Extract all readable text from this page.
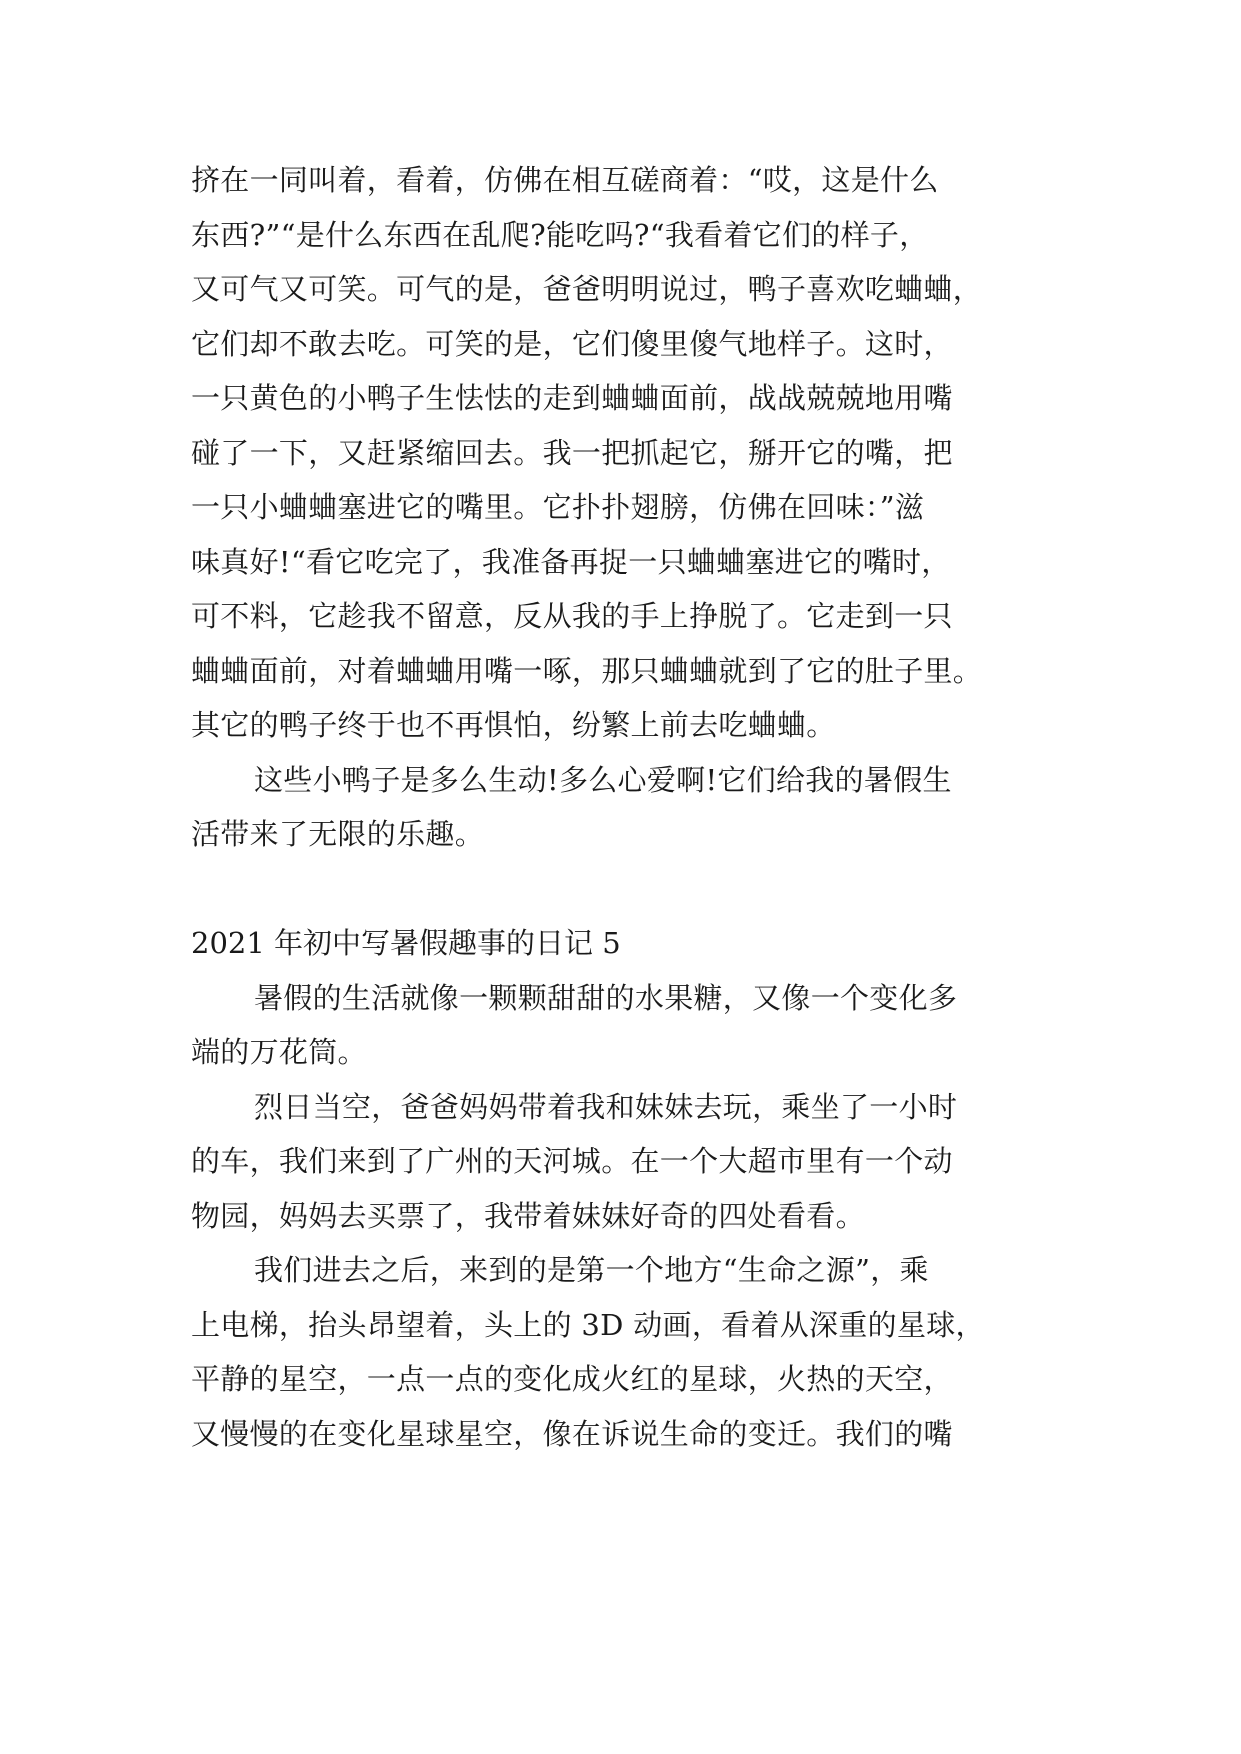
挤在一同叫着，看着，仿佛在相互磋商着：“哎，这是什么
东西?”“是什么东西在乱爬?能吃吗?“我看着它们的样子，
又可气又可笑。可气的是，爸爸明明说过，鸭子喜欢吃蛐蛐，
它们却不敢去吃。可笑的是，它们傻里傻气地样子。这时，
一只黄色的小鸭子生怯怯的走到蛐蛐面前，战战兢兢地用嘴
碰了一下，又赶紧缩回去。我一把抓起它，掰开它的嘴，把
一只小蛐蛐塞进它的嘴里。它扑扑翅膀，仿佛在回味：”滋
味真好!“看它吃完了，我准备再捉一只蛐蛐塞进它的嘴时，
可不料，它趁我不留意，反从我的手上挣脱了。它走到一只
蛐蛐面前，对着蛐蛐用嘴一啄，那只蛐蛐就到了它的肚子里。
其它的鸭子终于也不再惧怕，纷繁上前去吃蛐蛐。
这些小鸭子是多么生动!多么心爱啊!它们给我的暑假生
活带来了无限的乐趣。
2021 年初中写暑假趣事的日记 5
暑假的生活就像一颗颗甜甜的水果糖，又像一个变化多
端的万花筒。
烈日当空，爸爸妈妈带着我和妹妹去玩，乘坐了一小时
的车，我们来到了广州的天河城。在一个大超市里有一个动
物园，妈妈去买票了，我带着妹妹好奇的四处看看。
我们进去之后，来到的是第一个地方“生命之源”，乘
上电梯，抬头昂望着，头上的 3D 动画，看着从深重的星球，
平静的星空，一点一点的变化成火红的星球，火热的天空，
又慢慢的在变化星球星空，像在诉说生命的变迁。我们的嘴
